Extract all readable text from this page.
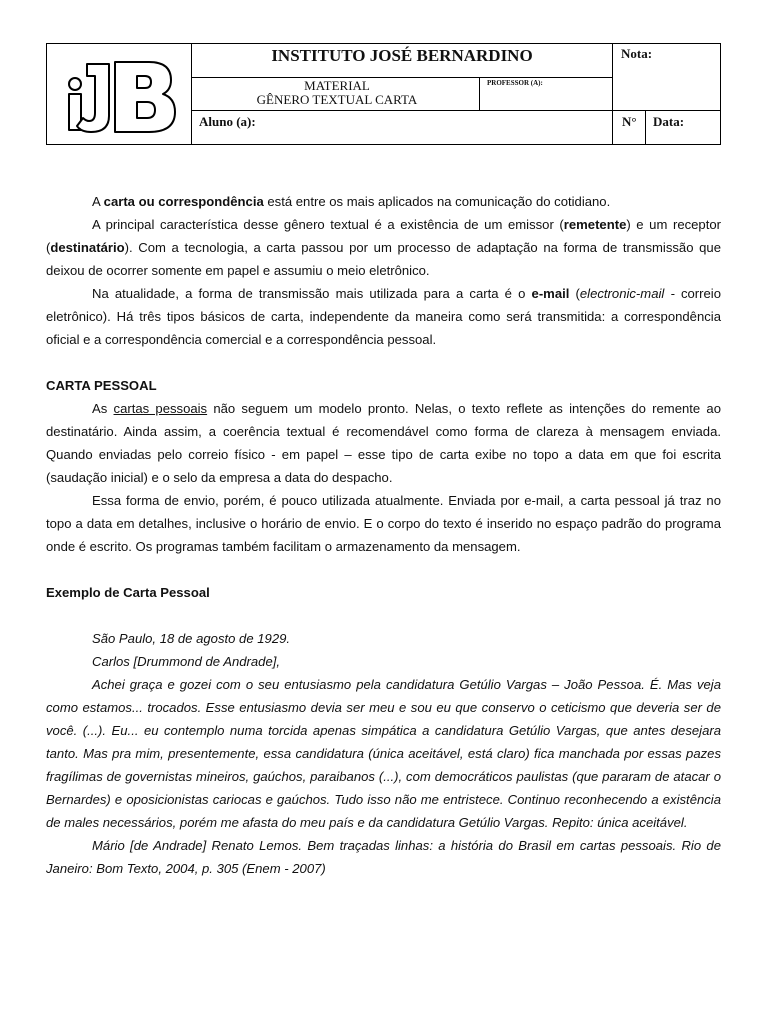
INSTITUTO JOSÉ BERNARDINO	Nota:
MATERIAL
GÊNERO TEXTUAL CARTA
PROFESSOR (A):
Aluno (a):	N° Data:

A carta ou correspondência está entre os mais aplicados na comunicação do cotidiano.

A principal característica desse gênero textual é a existência de um emissor (remetente) e um receptor (destinatário). Com a tecnologia, a carta passou por um processo de adaptação na forma de transmissão que deixou de ocorrer somente em papel e assumiu o meio eletrônico.

Na atualidade, a forma de transmissão mais utilizada para a carta é o e-mail (electronic-mail - correio eletrônico). Há três tipos básicos de carta, independente da maneira como será transmitida: a correspondência oficial e a correspondência comercial e a correspondência pessoal.

CARTA PESSOAL

As cartas pessoais não seguem um modelo pronto. Nelas, o texto reflete as intenções do remente ao destinatário. Ainda assim, a coerência textual é recomendável como forma de clareza à mensagem enviada. Quando enviadas pelo correio físico - em papel – esse tipo de carta exibe no topo a data em que foi escrita (saudação inicial) e o selo da empresa a data do despacho.

Essa forma de envio, porém, é pouco utilizada atualmente. Enviada por e-mail, a carta pessoal já traz no topo a data em detalhes, inclusive o horário de envio. E o corpo do texto é inserido no espaço padrão do programa onde é escrito. Os programas também facilitam o armazenamento da mensagem.

Exemplo de Carta Pessoal

São Paulo, 18 de agosto de 1929.

Carlos [Drummond de Andrade],

Achei graça e gozei com o seu entusiasmo pela candidatura Getúlio Vargas – João Pessoa. É. Mas veja como estamos... trocados. Esse entusiasmo devia ser meu e sou eu que conservo o ceticismo que deveria ser de você. (...). Eu... eu contemplo numa torcida apenas simpática a candidatura Getúlio Vargas, que antes desejara tanto. Mas pra mim, presentemente, essa candidatura (única aceitável, está claro) fica manchada por essas pazes fragílimas de governistas mineiros, gaúchos, paraibanos (...), com democráticos paulistas (que pararam de atacar o Bernardes) e oposicionistas cariocas e gaúchos. Tudo isso não me entristece. Continuo reconhecendo a existência de males necessários, porém me afasta do meu país e da candidatura Getúlio Vargas. Repito: única aceitável.

Mário [de Andrade] Renato Lemos. Bem traçadas linhas: a história do Brasil em cartas pessoais. Rio de Janeiro: Bom Texto, 2004, p. 305 (Enem - 2007)
